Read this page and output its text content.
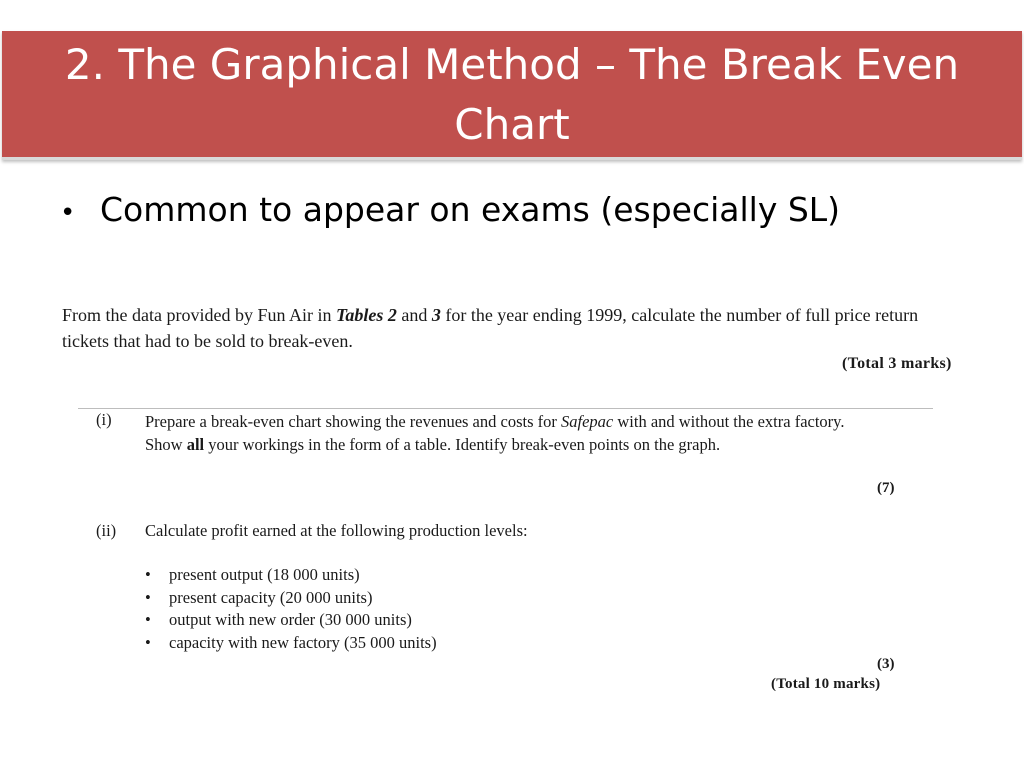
2. The Graphical Method – The Break Even
Chart
• Common to appear on exams (especially SL)
From the data provided by Fun Air in Tables 2 and 3 for the year ending 1999, calculate the number of full price return tickets that had to be sold to break-even.
(Total 3 marks)
(i) Prepare a break-even chart showing the revenues and costs for Safepac with and without the extra factory. Show all your workings in the form of a table. Identify break-even points on the graph.
(7)
(ii) Calculate profit earned at the following production levels:
•	present output (18 000 units)
•	present capacity (20 000 units)
•	output with new order (30 000 units)
•	capacity with new factory (35 000 units)
(3)
(Total 10 marks)
